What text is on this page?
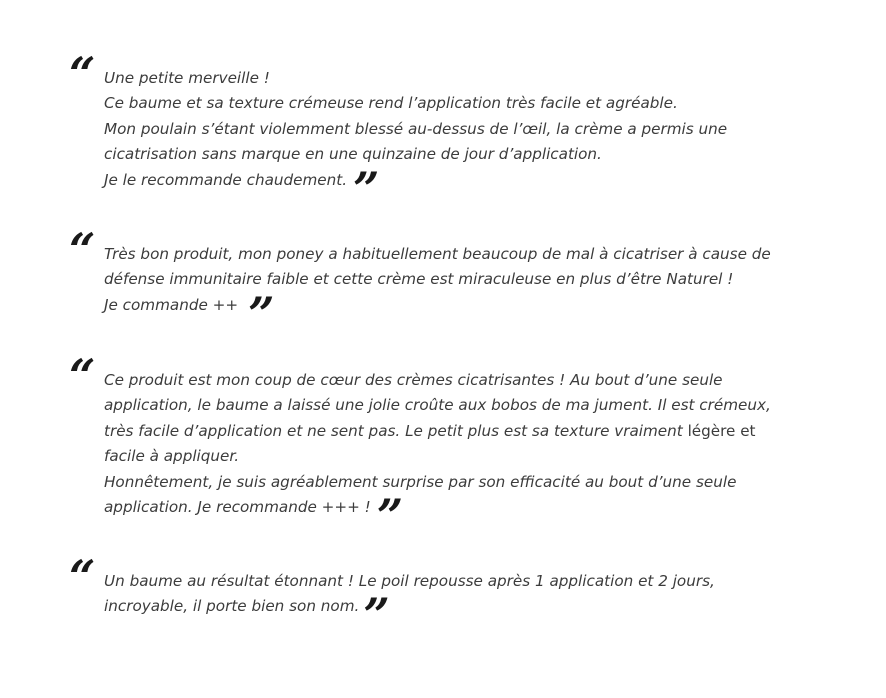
“ Une petite merveille !
Ce baume et sa texture crémeuse rend l’application très facile et agréable.
Mon poulain s’étant violemment blessé au-dessus de l’œil, la crème a permis une
cicatrisation sans marque en une quinzaine de jour d’application.
Je le recommande chaudement. ”
“ Très bon produit, mon poney a habituellement beaucoup de mal à cicatriser à cause de
défense immunitaire faible et cette crème est miraculeuse en plus d’être Naturel !
Je commande ++ ”
“ Ce produit est mon coup de cœur des crèmes cicatrisantes ! Au bout d’une seule
application, le baume a laissé une jolie croûte aux bobos de ma jument. Il est crémeux,
très facile d’application et ne sent pas. Le petit plus est sa texture vraiment légère et
facile à appliquer.
Honnêtement, je suis agréablement surprise par son efficacité au bout d’une seule
application. Je recommande +++ ! ”
“ Un baume au résultat étonnant ! Le poil repousse après 1 application et 2 jours,
incroyable, il porte bien son nom.”
